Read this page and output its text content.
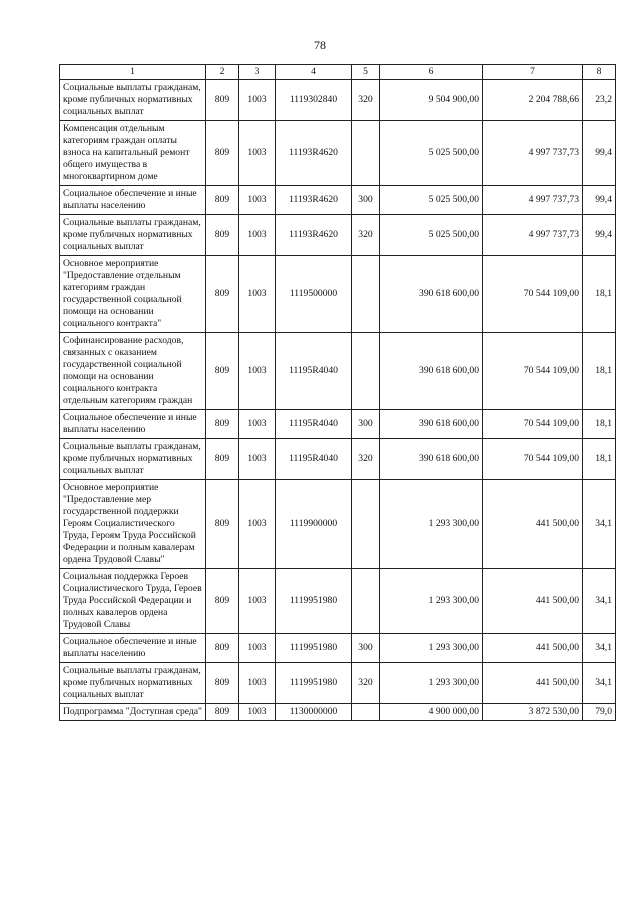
78
1	2	3	4	5	6	7	8
Социальные выплаты гражданам, кроме публичных нормативных социальных выплат	809	1003	1119302840	320	9 504 900,00	2 204 788,66	23,2
Компенсация отдельным категориям граждан оплаты взноса на капитальный ремонт общего имущества в многоквартирном доме	809	1003	11193R4620		5 025 500,00	4 997 737,73	99,4
Социальное обеспечение и иные выплаты населению	809	1003	11193R4620	300	5 025 500,00	4 997 737,73	99,4
Социальные выплаты гражданам, кроме публичных нормативных социальных выплат	809	1003	11193R4620	320	5 025 500,00	4 997 737,73	99,4
Основное мероприятие "Предоставление отдельным категориям граждан государственной социальной помощи на основании социального контракта"	809	1003	1119500000		390 618 600,00	70 544 109,00	18,1
Софинансирование расходов, связанных с оказанием государственной социальной помощи на основании социального контракта отдельным категориям граждан	809	1003	11195R4040		390 618 600,00	70 544 109,00	18,1
Социальное обеспечение и иные выплаты населению	809	1003	11195R4040	300	390 618 600,00	70 544 109,00	18,1
Социальные выплаты гражданам, кроме публичных нормативных социальных выплат	809	1003	11195R4040	320	390 618 600,00	70 544 109,00	18,1
Основное мероприятие "Предоставление мер государственной поддержки Героям Социалистического Труда, Героям Труда Российской Федерации и полным кавалерам ордена Трудовой Славы"	809	1003	1119900000		1 293 300,00	441 500,00	34,1
Социальная поддержка Героев Социалистического Труда, Героев Труда Российской Федерации и полных кавалеров ордена Трудовой Славы	809	1003	1119951980		1 293 300,00	441 500,00	34,1
Социальное обеспечение и иные выплаты населению	809	1003	1119951980	300	1 293 300,00	441 500,00	34,1
Социальные выплаты гражданам, кроме публичных нормативных социальных выплат	809	1003	1119951980	320	1 293 300,00	441 500,00	34,1
Подпрограмма "Доступная среда"	809	1003	1130000000		4 900 000,00	3 872 530,00	79,0
